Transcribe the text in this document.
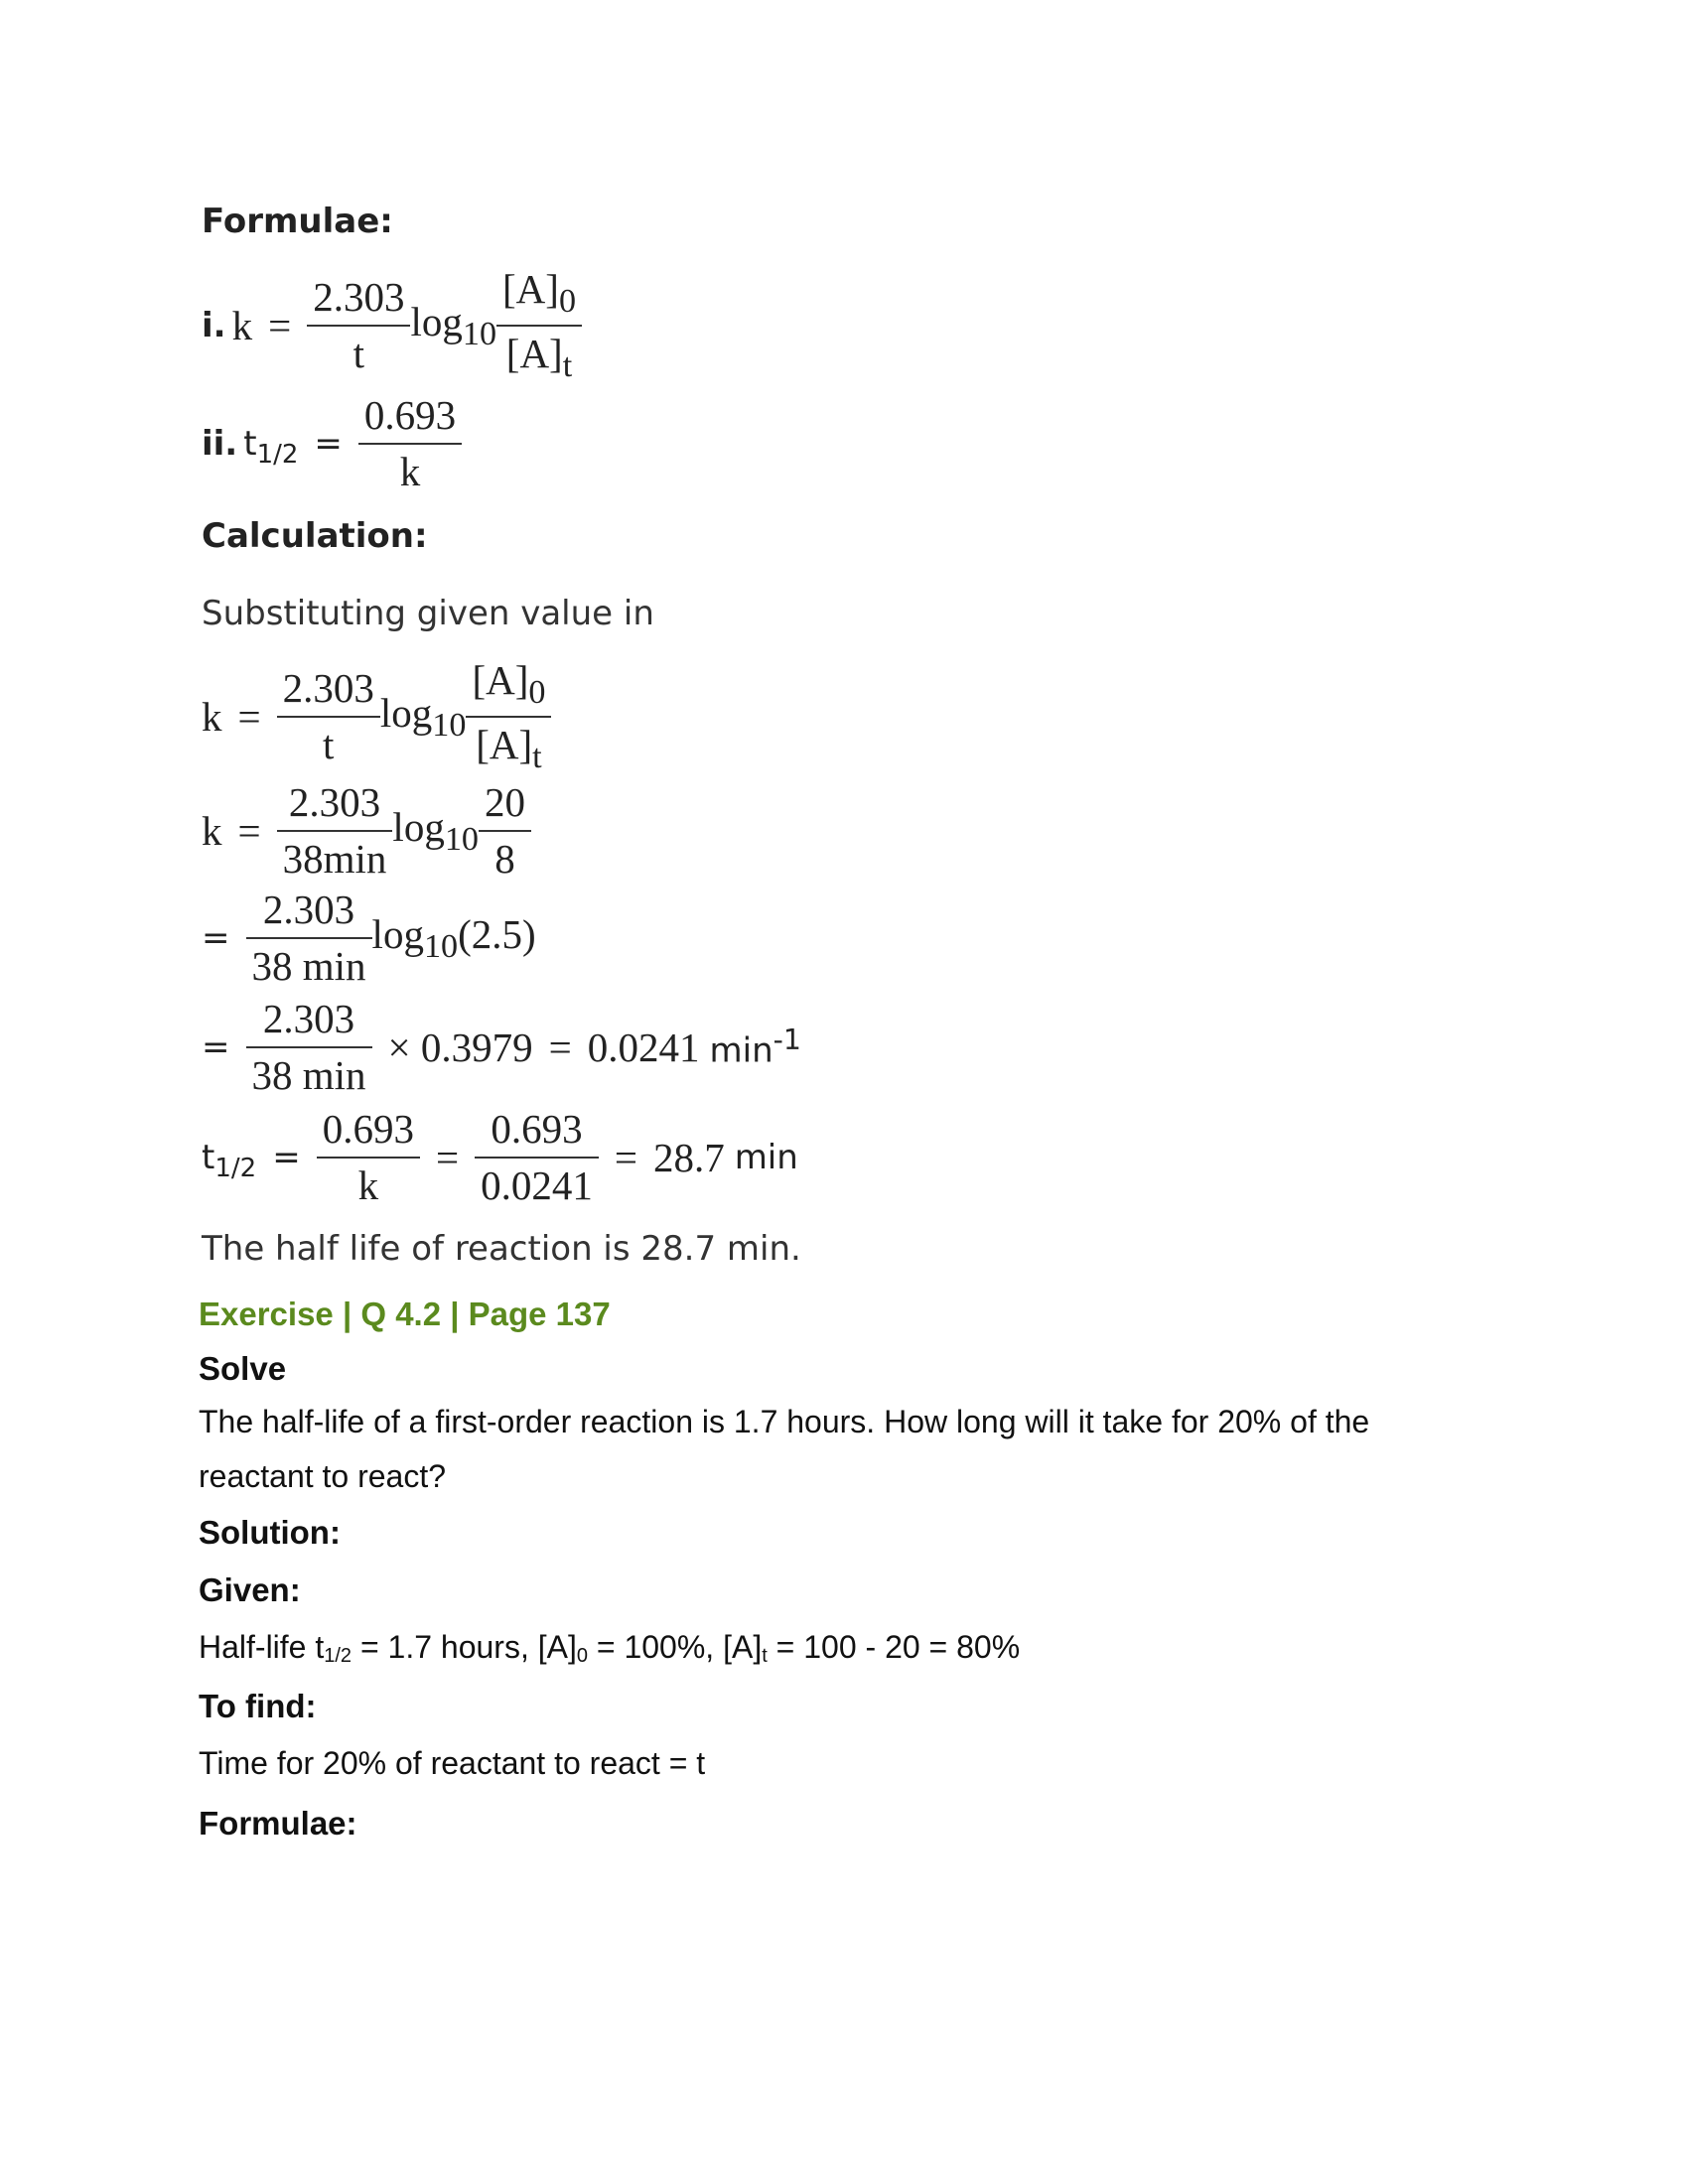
Formulae:
i. $k = \frac{2.303}{t} \log_{10} \frac{[A]_0}{[A]_t}$
ii. $t_{1/2} = \frac{0.693}{k}$
Calculation:
Substituting given value in
$k = \frac{2.303}{t} \log_{10} \frac{[A]_0}{[A]_t}$
$k = \frac{2.303}{38\min} \log_{10} \frac{20}{8}$
= $\frac{2.303}{38 \min} \log_{10}(2.5)$
= $\frac{2.303}{38 \min} \times 0.3979 = 0.0241$ $\min^{-1}$
$t_{1/2} = \frac{0.693}{k} = \frac{0.693}{0.0241} = 28.7$ min
The half life of reaction is 28.7 min.
Exercise | Q 4.2 | Page 137
Solve
The half-life of a first-order reaction is 1.7 hours. How long will it take for 20% of the reactant to react?
Solution:
Given:
Half-life t1/2 = 1.7 hours, [A]0 = 100%, [A]t = 100 - 20 = 80%
To find:
Time for 20% of reactant to react = t
Formulae:
